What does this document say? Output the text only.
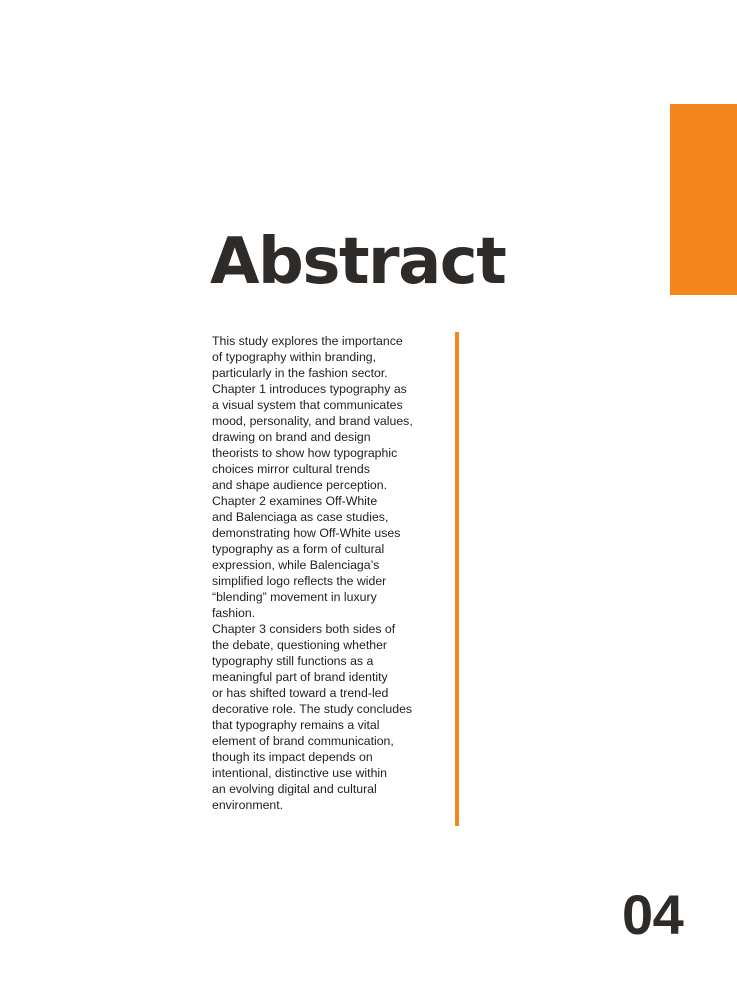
Abstract
This study explores the importance
of typography within branding,
particularly in the fashion sector.
Chapter 1 introduces typography as
a visual system that communicates
mood, personality, and brand values,
drawing on brand and design
theorists to show how typographic
choices mirror cultural trends
and shape audience perception.
Chapter 2 examines Off-White
and Balenciaga as case studies,
demonstrating how Off-White uses
typography as a form of cultural
expression, while Balenciaga’s
simplified logo reflects the wider
“blending” movement in luxury
fashion.
Chapter 3 considers both sides of
the debate, questioning whether
typography still functions as a
meaningful part of brand identity
or has shifted toward a trend-led
decorative role. The study concludes
that typography remains a vital
element of brand communication,
though its impact depends on
intentional, distinctive use within
an evolving digital and cultural
environment.
04
